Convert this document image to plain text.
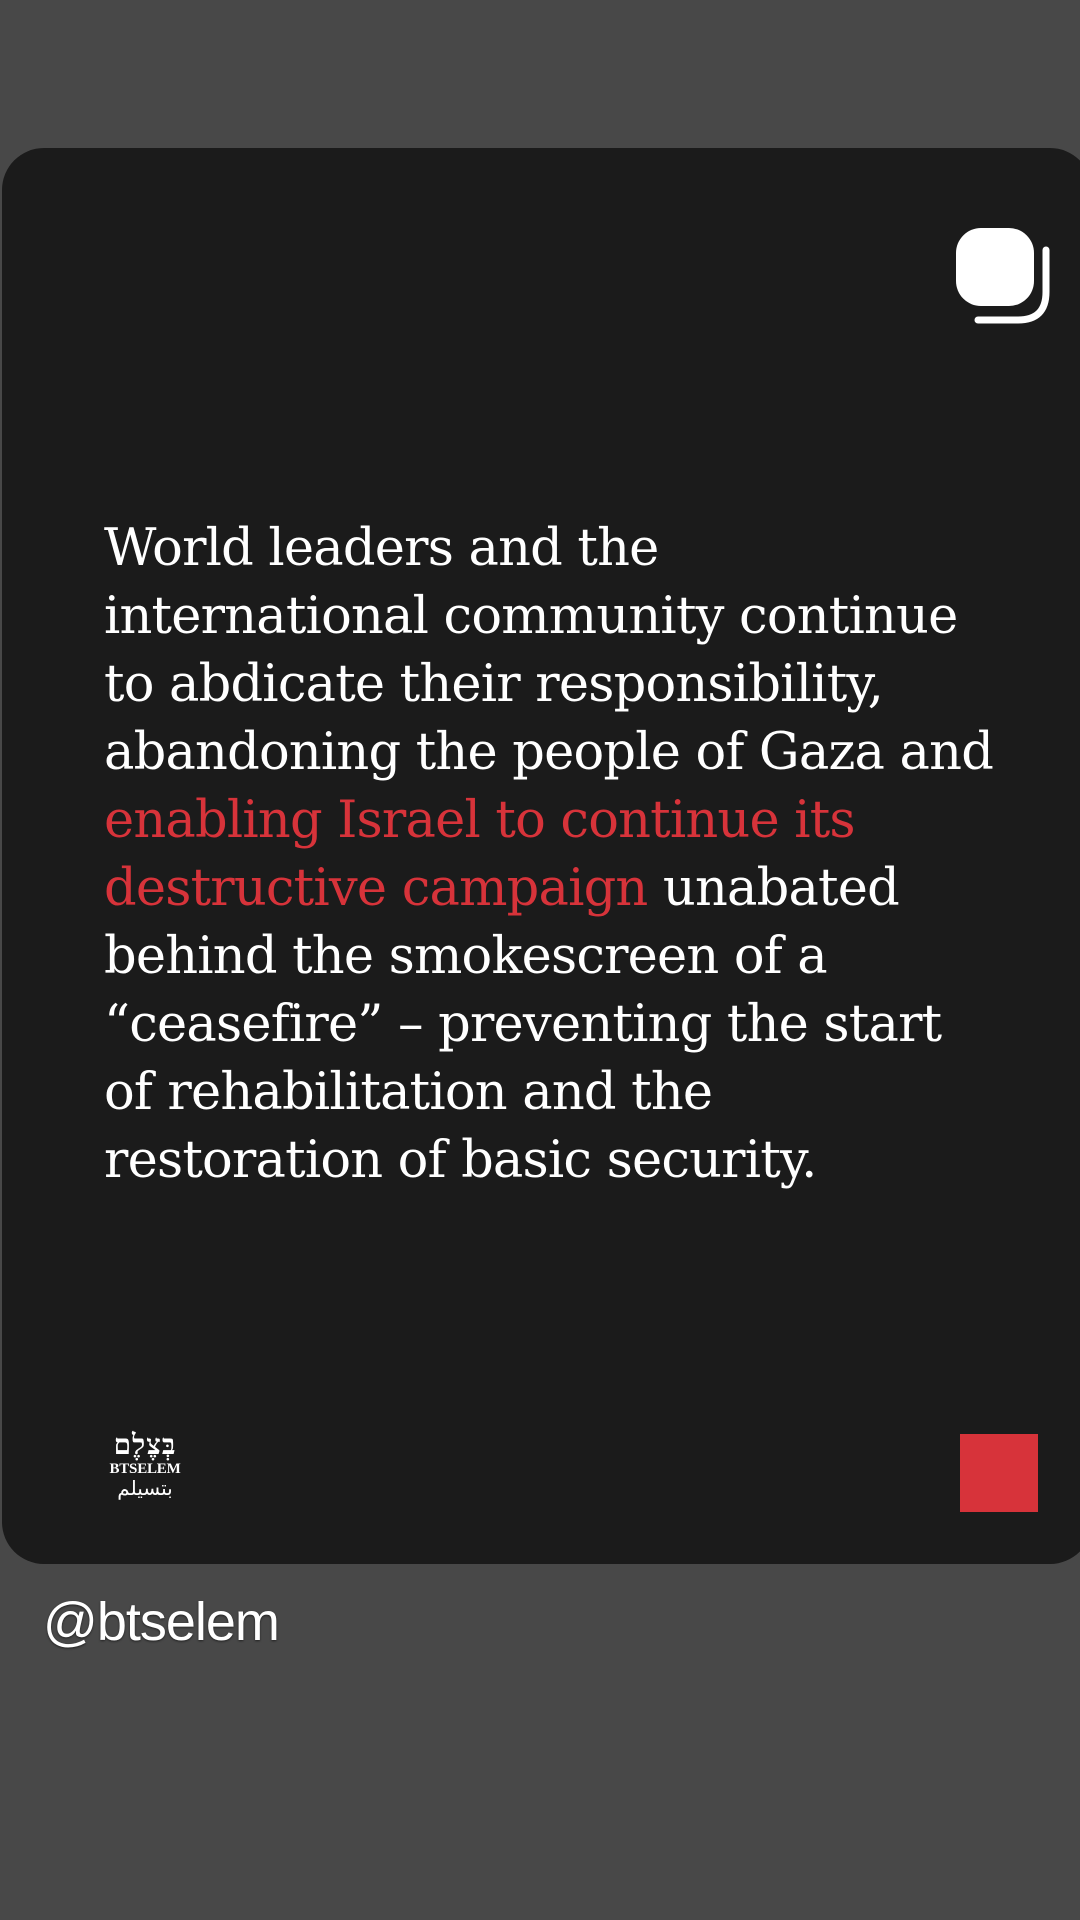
World leaders and the
international community continue
to abdicate their responsibility,
abandoning the people of Gaza and
enabling Israel to continue its
destructive campaign unabated
behind the smokescreen of a
“ceasefire” – preventing the start
of rehabilitation and the
restoration of basic security.

בְּצֶלֶם
BTSELEM
بتسيلم
@btselem
